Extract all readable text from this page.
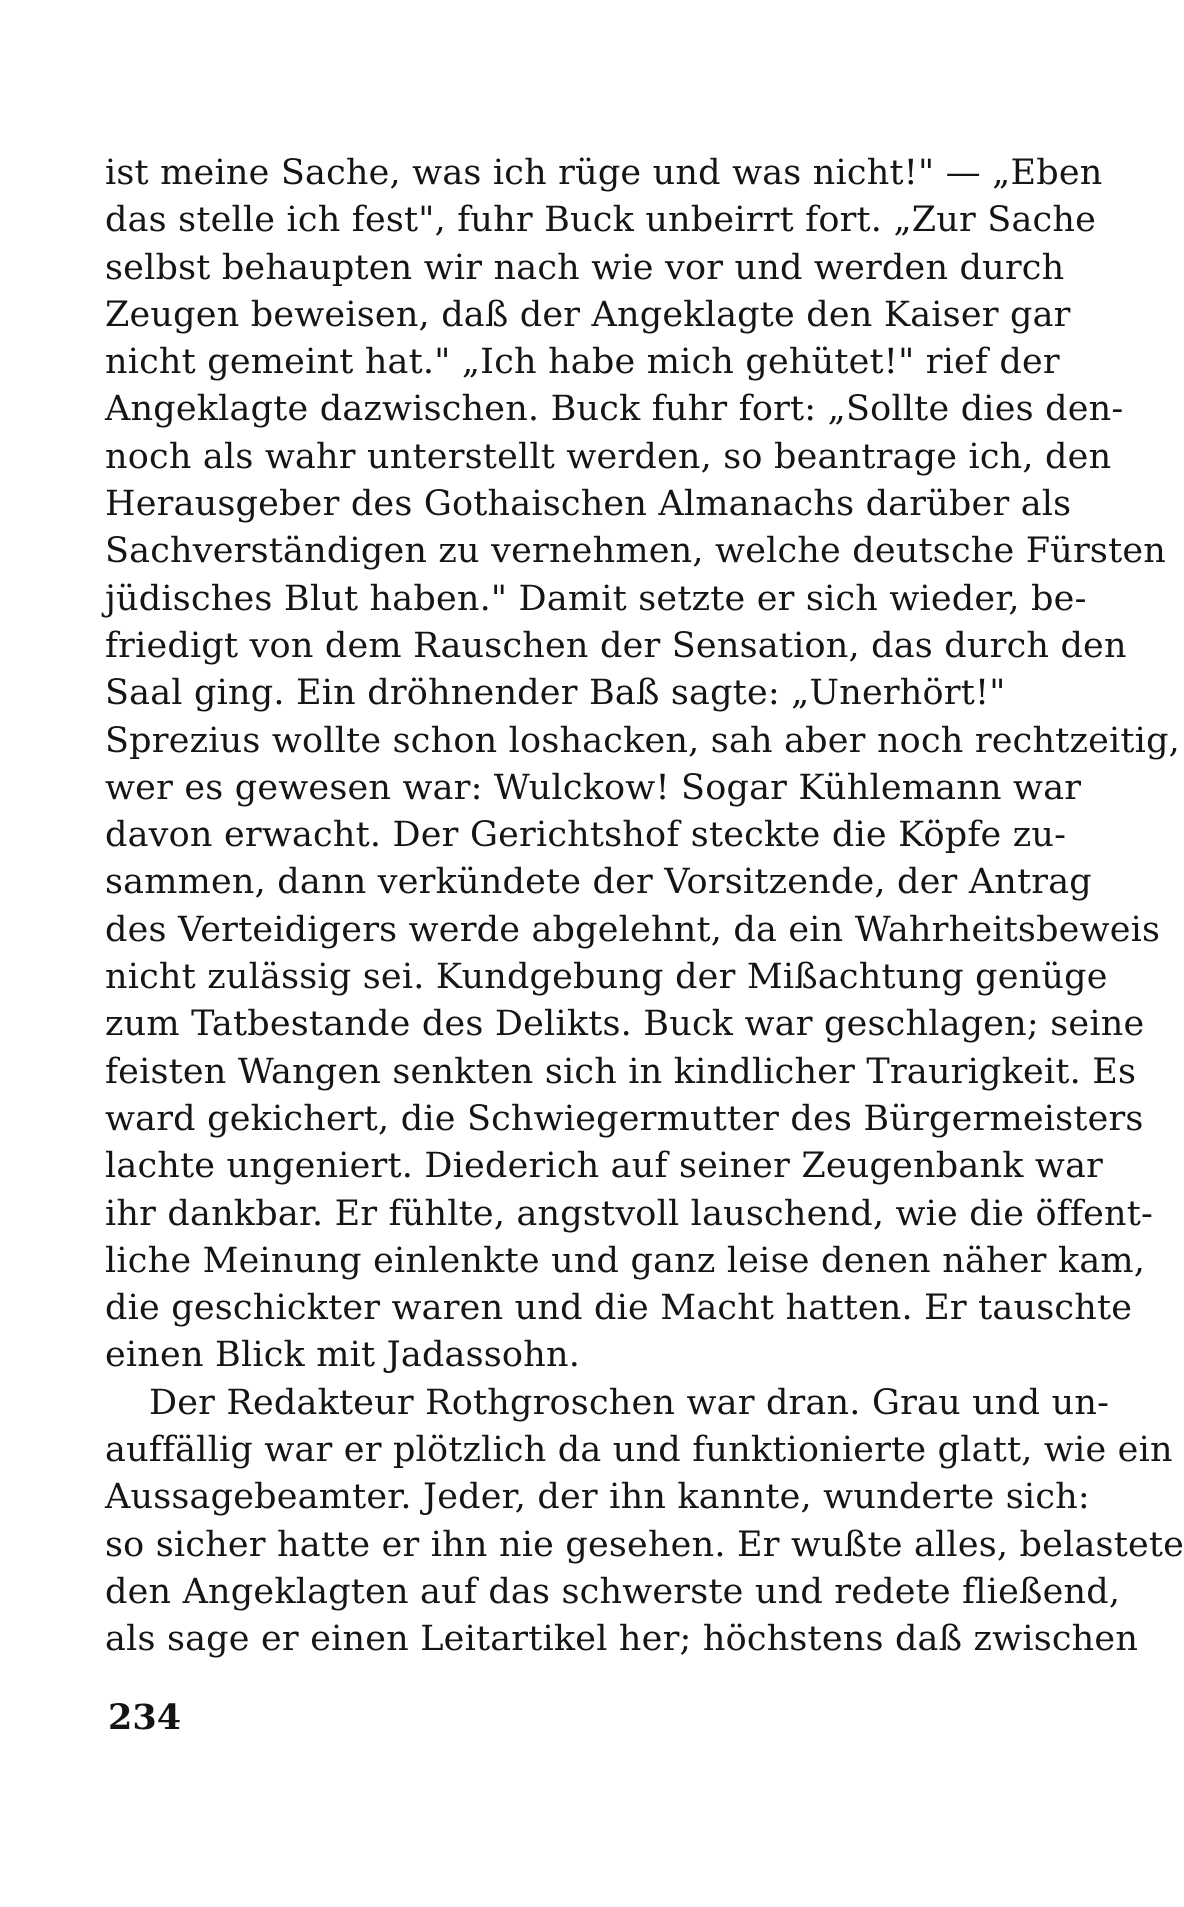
ist meine Sache, was ich rüge und was nicht!" — „Eben
das stelle ich fest", fuhr Buck unbeirrt fort. „Zur Sache
selbst behaupten wir nach wie vor und werden durch
Zeugen beweisen, daß der Angeklagte den Kaiser gar
nicht gemeint hat." „Ich habe mich gehütet!" rief der
Angeklagte dazwischen. Buck fuhr fort: „Sollte dies den-
noch als wahr unterstellt werden, so beantrage ich, den
Herausgeber des Gothaischen Almanachs darüber als
Sachverständigen zu vernehmen, welche deutsche Fürsten
jüdisches Blut haben." Damit setzte er sich wieder, be-
friedigt von dem Rauschen der Sensation, das durch den
Saal ging. Ein dröhnender Baß sagte: „Unerhört!"
Sprezius wollte schon loshacken, sah aber noch rechtzeitig,
wer es gewesen war: Wulckow! Sogar Kühlemann war
davon erwacht. Der Gerichtshof steckte die Köpfe zu-
sammen, dann verkündete der Vorsitzende, der Antrag
des Verteidigers werde abgelehnt, da ein Wahrheitsbeweis
nicht zulässig sei. Kundgebung der Mißachtung genüge
zum Tatbestande des Delikts. Buck war geschlagen; seine
feisten Wangen senkten sich in kindlicher Traurigkeit. Es
ward gekichert, die Schwiegermutter des Bürgermeisters
lachte ungeniert. Diederich auf seiner Zeugenbank war
ihr dankbar. Er fühlte, angstvoll lauschend, wie die öffent-
liche Meinung einlenkte und ganz leise denen näher kam,
die geschickter waren und die Macht hatten. Er tauschte
einen Blick mit Jadassohn.
Der Redakteur Rothgroschen war dran. Grau und un-
auffällig war er plötzlich da und funktionierte glatt, wie ein
Aussagebeamter. Jeder, der ihn kannte, wunderte sich:
so sicher hatte er ihn nie gesehen. Er wußte alles, belastete
den Angeklagten auf das schwerste und redete fließend,
als sage er einen Leitartikel her; höchstens daß zwischen
234
